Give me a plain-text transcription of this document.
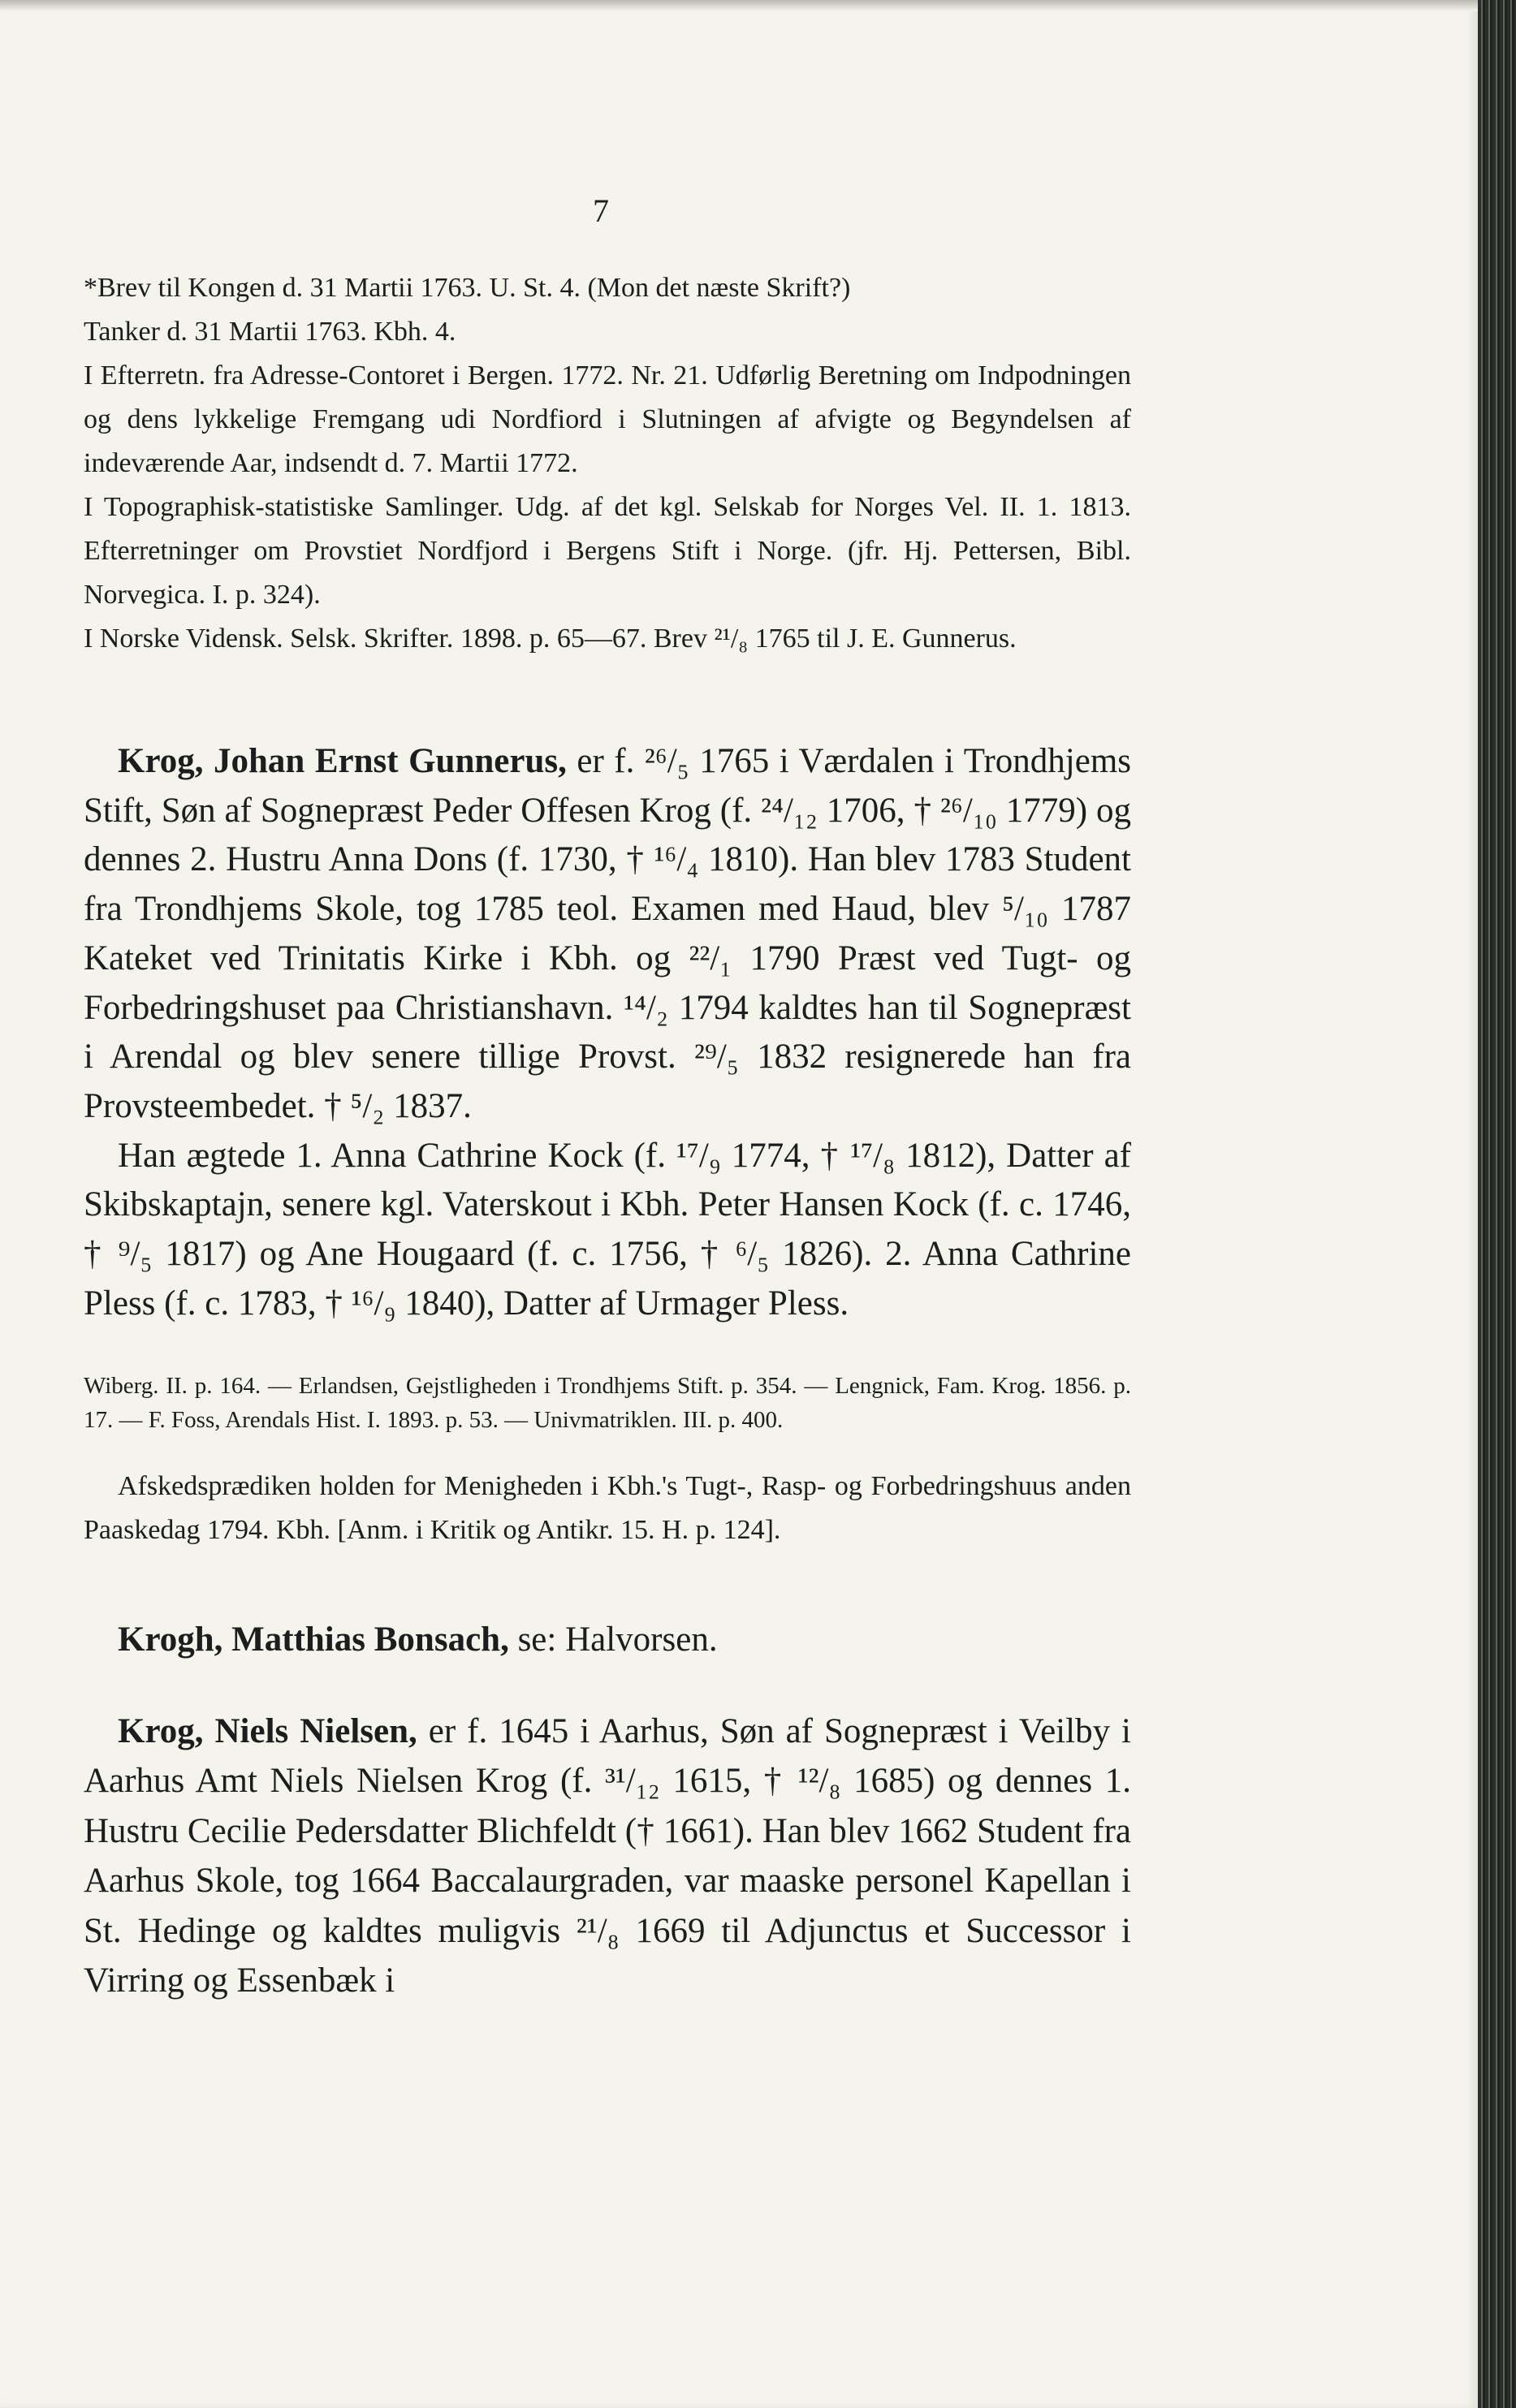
7

*Brev til Kongen d. 31 Martii 1763. U. St. 4. (Mon det næste Skrift?)

Tanker d. 31 Martii 1763. Kbh. 4.

I Efterretn. fra Adresse-Contoret i Bergen. 1772. Nr. 21. Udførlig Beretning om Indpodningen og dens lykkelige Fremgang udi Nordfiord i Slutningen af afvigte og Begyndelsen af indeværende Aar, indsendt d. 7. Martii 1772.

I Topographisk-statistiske Samlinger. Udg. af det kgl. Selskab for Norges Vel. II. 1. 1813. Efterretninger om Provstiet Nordfjord i Bergens Stift i Norge. (jfr. Hj. Pettersen, Bibl. Norvegica. I. p. 324).

I Norske Vidensk. Selsk. Skrifter. 1898. p. 65—67. Brev ²¹/₈ 1765 til J. E. Gunnerus.

Krog, Johan Ernst Gunnerus, er f. ²⁶/₅ 1765 i Værdalen i Trondhjems Stift, Søn af Sognepræst Peder Offesen Krog (f. ²⁴/₁₂ 1706, † ²⁶/₁₀ 1779) og dennes 2. Hustru Anna Dons (f. 1730, † ¹⁶/₄ 1810). Han blev 1783 Student fra Trondhjems Skole, tog 1785 teol. Examen med Haud, blev ⁵/₁₀ 1787 Kateket ved Trinitatis Kirke i Kbh. og ²²/₁ 1790 Præst ved Tugt- og Forbedringshuset paa Christianshavn. ¹⁴/₂ 1794 kaldtes han til Sognepræst i Arendal og blev senere tillige Provst. ²⁹/₅ 1832 resignerede han fra Provsteembedet. † ⁵/₂ 1837.

Han ægtede 1. Anna Cathrine Kock (f. ¹⁷/₉ 1774, † ¹⁷/₈ 1812), Datter af Skibskaptajn, senere kgl. Vaterskout i Kbh. Peter Hansen Kock (f. c. 1746, † ⁹/₅ 1817) og Ane Hougaard (f. c. 1756, † ⁶/₅ 1826). 2. Anna Cathrine Pless (f. c. 1783, † ¹⁶/₉ 1840), Datter af Urmager Pless.

Wiberg. II. p. 164. — Erlandsen, Gejstligheden i Trondhjems Stift. p. 354. — Lengnick, Fam. Krog. 1856. p. 17. — F. Foss, Arendals Hist. I. 1893. p. 53. — Univmatriklen. III. p. 400.
Afskedsprædiken holden for Menigheden i Kbh.'s Tugt-, Rasp- og Forbedringshuus anden Paaskedag 1794. Kbh. [Anm. i Kritik og Antikr. 15. H. p. 124].

Krogh, Matthias Bonsach, se: Halvorsen.

Krog, Niels Nielsen, er f. 1645 i Aarhus, Søn af Sognepræst i Veilby i Aarhus Amt Niels Nielsen Krog (f. ³¹/₁₂ 1615, † ¹²/₈ 1685) og dennes 1. Hustru Cecilie Pedersdatter Blichfeldt († 1661). Han blev 1662 Student fra Aarhus Skole, tog 1664 Baccalaurgraden, var maaske personel Kapellan i St. Hedinge og kaldtes muligvis ²¹/₈ 1669 til Adjunctus et Successor i Virring og Essenbæk i
